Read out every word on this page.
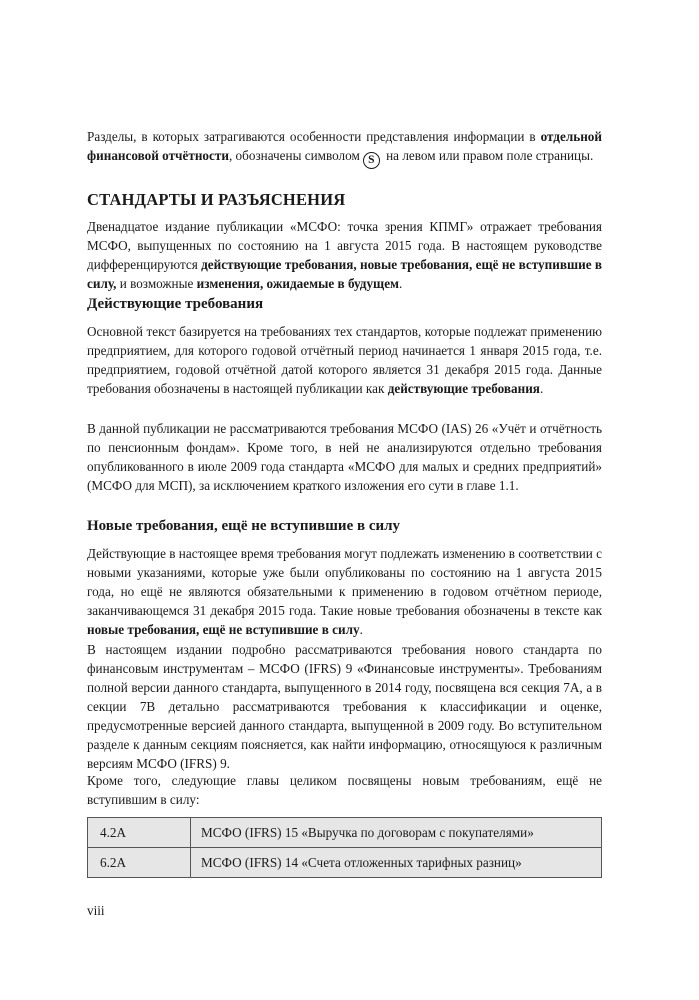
Разделы, в которых затрагиваются особенности представления информации в отдельной финансовой отчётности, обозначены символом S на левом или правом поле страницы.

СТАНДАРТЫ И РАЗЪЯСНЕНИЯ

Двенадцатое издание публикации «МСФО: точка зрения КПМГ» отражает требования МСФО, выпущенных по состоянию на 1 августа 2015 года. В настоящем руководстве дифференцируются действующие требования, новые требования, ещё не вступившие в силу, и возможные изменения, ожидаемые в будущем.

Действующие требования

Основной текст базируется на требованиях тех стандартов, которые подлежат применению предприятием, для которого годовой отчётный период начинается 1 января 2015 года, т.е. предприятием, годовой отчётной датой которого является 31 декабря 2015 года. Данные требования обозначены в настоящей публикации как действующие требования.

В данной публикации не рассматриваются требования МСФО (IAS) 26 «Учёт и отчётность по пенсионным фондам». Кроме того, в ней не анализируются отдельно требования опубликованного в июле 2009 года стандарта «МСФО для малых и средних предприятий» (МСФО для МСП), за исключением краткого изложения его сути в главе 1.1.

Новые требования, ещё не вступившие в силу

Действующие в настоящее время требования могут подлежать изменению в соответствии с новыми указаниями, которые уже были опубликованы по состоянию на 1 августа 2015 года, но ещё не являются обязательными к применению в годовом отчётном периоде, заканчивающемся 31 декабря 2015 года. Такие новые требования обозначены в тексте как новые требования, ещё не вступившие в силу.

В настоящем издании подробно рассматриваются требования нового стандарта по финансовым инструментам – МСФО (IFRS) 9 «Финансовые инструменты». Требованиям полной версии данного стандарта, выпущенного в 2014 году, посвящена вся секция 7A, а в секции 7B детально рассматриваются требования к классификации и оценке, предусмотренные версией данного стандарта, выпущенной в 2009 году. Во вступительном разделе к данным секциям поясняется, как найти информацию, относящуюся к различным версиям МСФО (IFRS) 9.

Кроме того, следующие главы целиком посвящены новым требованиям, ещё не вступившим в силу:

4.2A	МСФО (IFRS) 15 «Выручка по договорам с покупателями»
6.2A	МСФО (IFRS) 14 «Счета отложенных тарифных разниц»
viii
